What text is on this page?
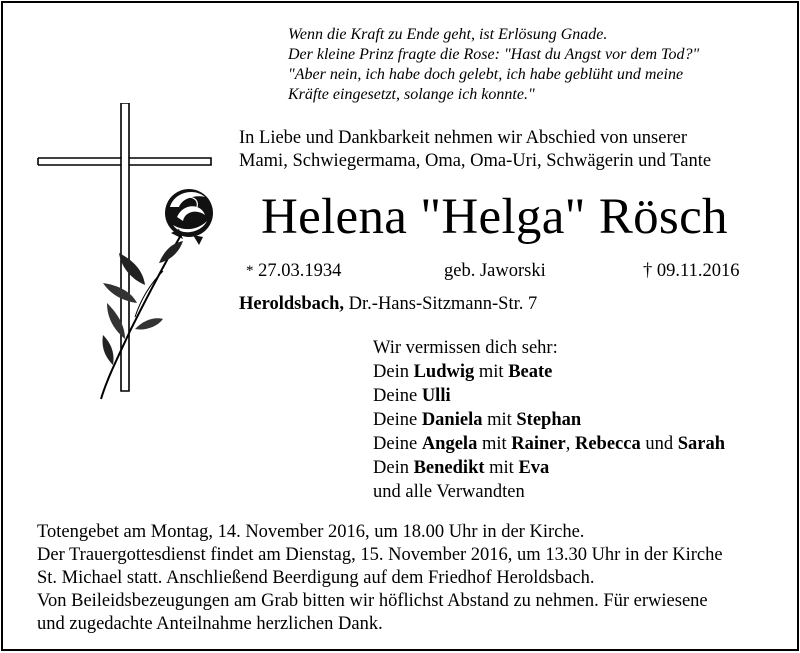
Wenn die Kraft zu Ende geht, ist Erlösung Gnade.
Der kleine Prinz fragte die Rose: "Hast du Angst vor dem Tod?"
"Aber nein, ich habe doch gelebt, ich habe geblüht und meine
Kräfte eingesetzt, solange ich konnte."
In Liebe und Dankbarkeit nehmen wir Abschied von unserer
Mami, Schwiegermama, Oma, Oma-Uri, Schwägerin und Tante
Helena "Helga" Rösch
* 27.03.1934	geb. Jaworski	† 09.11.2016
Heroldsbach, Dr.-Hans-Sitzmann-Str. 7
Wir vermissen dich sehr:
Dein Ludwig mit Beate
Deine Ulli
Deine Daniela mit Stephan
Deine Angela mit Rainer, Rebecca und Sarah
Dein Benedikt mit Eva
und alle Verwandten
Totengebet am Montag, 14. November 2016, um 18.00 Uhr in der Kirche.
Der Trauergottesdienst findet am Dienstag, 15. November 2016, um 13.30 Uhr in der Kirche
St. Michael statt. Anschließend Beerdigung auf dem Friedhof Heroldsbach.
Von Beileidsbezeugungen am Grab bitten wir höflichst Abstand zu nehmen. Für erwiesene
und zugedachte Anteilnahme herzlichen Dank.
